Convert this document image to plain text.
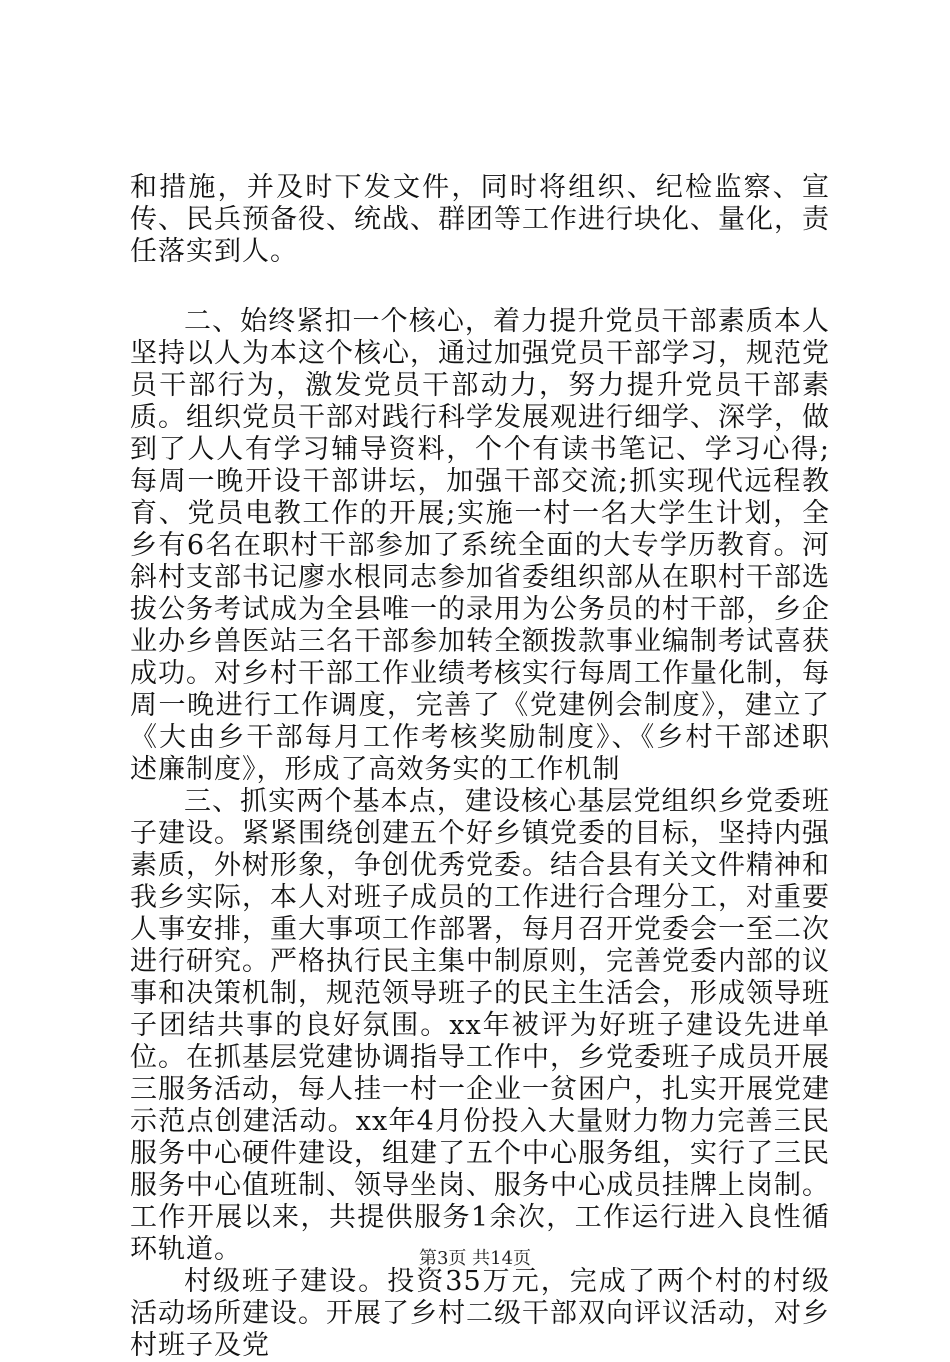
和措施，并及时下发文件，同时将组织、纪检监察、宣传、民兵预备役、统战、群团等工作进行块化、量化，责任落实到人。

二、始终紧扣一个核心，着力提升党员干部素质本人坚持以人为本这个核心，通过加强党员干部学习，规范党员干部行为，激发党员干部动力，努力提升党员干部素质。组织党员干部对践行科学发展观进行细学、深学，做到了人人有学习辅导资料，个个有读书笔记、学习心得;每周一晚开设干部讲坛，加强干部交流;抓实现代远程教育、党员电教工作的开展;实施一村一名大学生计划，全乡有6名在职村干部参加了系统全面的大专学历教育。河斜村支部书记廖水根同志参加省委组织部从在职村干部选拔公务考试成为全县唯一的录用为公务员的村干部，乡企业办乡兽医站三名干部参加转全额拨款事业编制考试喜获成功。对乡村干部工作业绩考核实行每周工作量化制，每周一晚进行工作调度，完善了《党建例会制度》，建立了《大由乡干部每月工作考核奖励制度》、《乡村干部述职述廉制度》，形成了高效务实的工作机制

三、抓实两个基本点，建设核心基层党组织乡党委班子建设。紧紧围绕创建五个好乡镇党委的目标，坚持内强素质，外树形象，争创优秀党委。结合县有关文件精神和我乡实际，本人对班子成员的工作进行合理分工，对重要人事安排，重大事项工作部署，每月召开党委会一至二次进行研究。严格执行民主集中制原则，完善党委内部的议事和决策机制，规范领导班子的民主生活会，形成领导班子团结共事的良好氛围。xx年被评为好班子建设先进单位。在抓基层党建协调指导工作中，乡党委班子成员开展三服务活动，每人挂一村一企业一贫困户，扎实开展党建示范点创建活动。xx年4月份投入大量财力物力完善三民服务中心硬件建设，组建了五个中心服务组，实行了三民服务中心值班制、领导坐岗、服务中心成员挂牌上岗制。工作开展以来，共提供服务1余次，工作运行进入良性循环轨道。

村级班子建设。投资35万元，完成了两个村的村级活动场所建设。开展了乡村二级干部双向评议活动，对乡村班子及党

第3页 共14页
